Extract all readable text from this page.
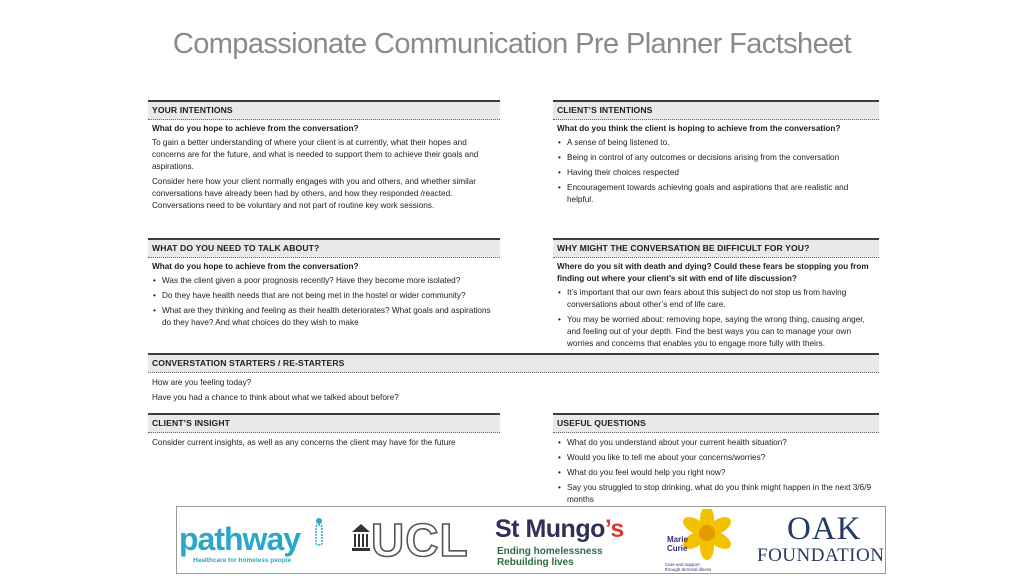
Compassionate Communication Pre Planner Factsheet
YOUR INTENTIONS
What do you hope to achieve from the conversation?
To gain a better understanding of where your client is at currently, what their hopes and concerns are for the future, and what is needed to support them to achieve their goals and aspirations.
Consider here how your client normally engages with you and others, and whether similar conversations have already been had by others, and how they responded /reacted. Conversations need to be voluntary and not part of routine key work sessions.
CLIENT’S INTENTIONS
What do you think the client is hoping to achieve from the conversation?
• A sense of being listened to.
• Being in control of any outcomes or decisions arising from the conversation
• Having their choices respected
• Encouragement towards achieving goals and aspirations that are realistic and helpful.
WHAT DO YOU NEED TO TALK ABOUT?
What do you hope to achieve from the conversation?
• Was the client given a poor prognosis recently? Have they become more isolated?
• Do they have health needs that are not being met in the hostel or wider community?
• What are they thinking and feeling as their health deteriorates? What goals and aspirations do they have? And what choices do they wish to make
WHY MIGHT THE CONVERSATION BE DIFFICULT FOR YOU?
Where do you sit with death and dying? Could these fears be stopping you from finding out where your client’s sit with end of life discussion?
• It’s important that our own fears about this subject do not stop us from having conversations about other’s end of life care.
• You may be worried about: removing hope, saying the wrong thing, causing anger, and feeling out of your depth. Find the best ways you can to manage your own worries and concerns that enables you to engage more fully with theirs.
CONVERSTATION STARTERS / RE-STARTERS
How are you feeling today?
Have you had a chance to think about what we talked about before?
CLIENT’S INSIGHT
Consider current insights, as well as any concerns the client may have for the future
USEFUL QUESTIONS
• What do you understand about your current health situation?
• Would you like to tell me about your concerns/worries?
• What do you feel would help you right now?
• Say you struggled to stop drinking, what do you think might happen in the next 3/6/9 months
pathway
Healthcare for homeless people UCL St Mungo’s
Ending homelessness
Rebuilding lives
Marie
Curie
Care and support
through terminal illness
OAK
FOUNDATION
